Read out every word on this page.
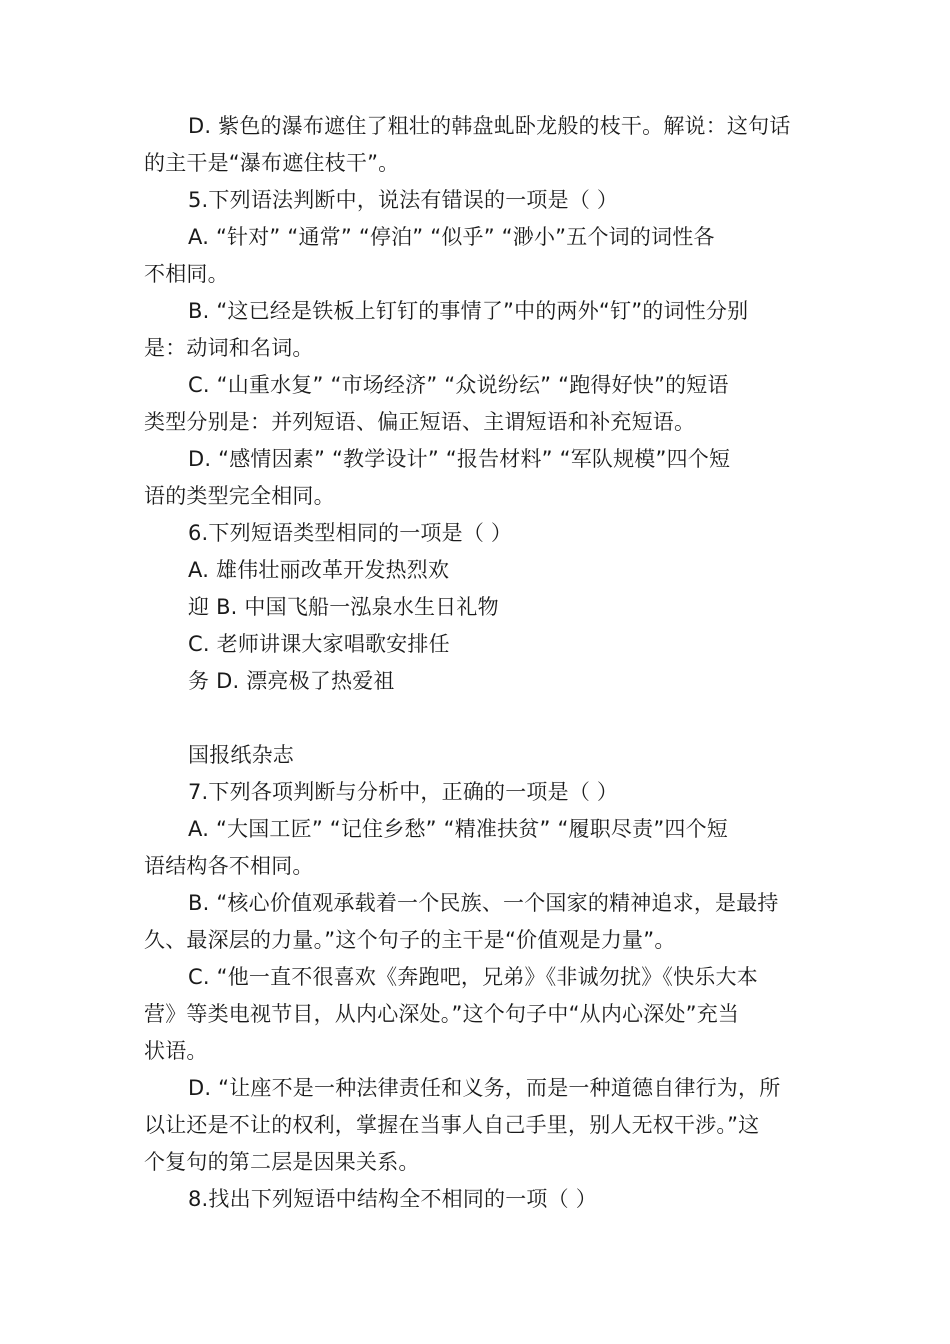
D. 紫色的瀑布遮住了粗壮的韩盘虬卧龙般的枝干。解说：这句话
的主干是“瀑布遮住枝干”。
5.下列语法判断中，说法有错误的一项是（ ）
A. “针对” “通常” “停泊” “似乎” “渺小”五个词的词性各
不相同。
B. “这已经是铁板上钉钉的事情了”中的两外“钉”的词性分别
是：动词和名词。
C. “山重水复” “市场经济” “众说纷纭” “跑得好快”的短语
类型分别是：并列短语、偏正短语、主谓短语和补充短语。
D. “感情因素” “教学设计” “报告材料” “军队规模”四个短
语的类型完全相同。
6.下列短语类型相同的一项是（ ）
A. 雄伟壮丽改革开发热烈欢
迎 B. 中国飞船一泓泉水生日礼物
C. 老师讲课大家唱歌安排任
务 D. 漂亮极了热爱祖
国报纸杂志
7.下列各项判断与分析中，正确的一项是（ ）
A. “大国工匠” “记住乡愁” “精准扶贫” “履职尽责”四个短
语结构各不相同。
B. “核心价值观承载着一个民族、一个国家的精神追求，是最持
久、最深层的力量。”这个句子的主干是“价值观是力量”。
C. “他一直不很喜欢《奔跑吧，兄弟》《非诚勿扰》《快乐大本
营》等类电视节目，从内心深处。”这个句子中“从内心深处”充当
状语。
D. “让座不是一种法律责任和义务，而是一种道德自律行为，所
以让还是不让的权利，掌握在当事人自己手里，别人无权干涉。”这
个复句的第二层是因果关系。
8.找出下列短语中结构全不相同的一项（ ）
